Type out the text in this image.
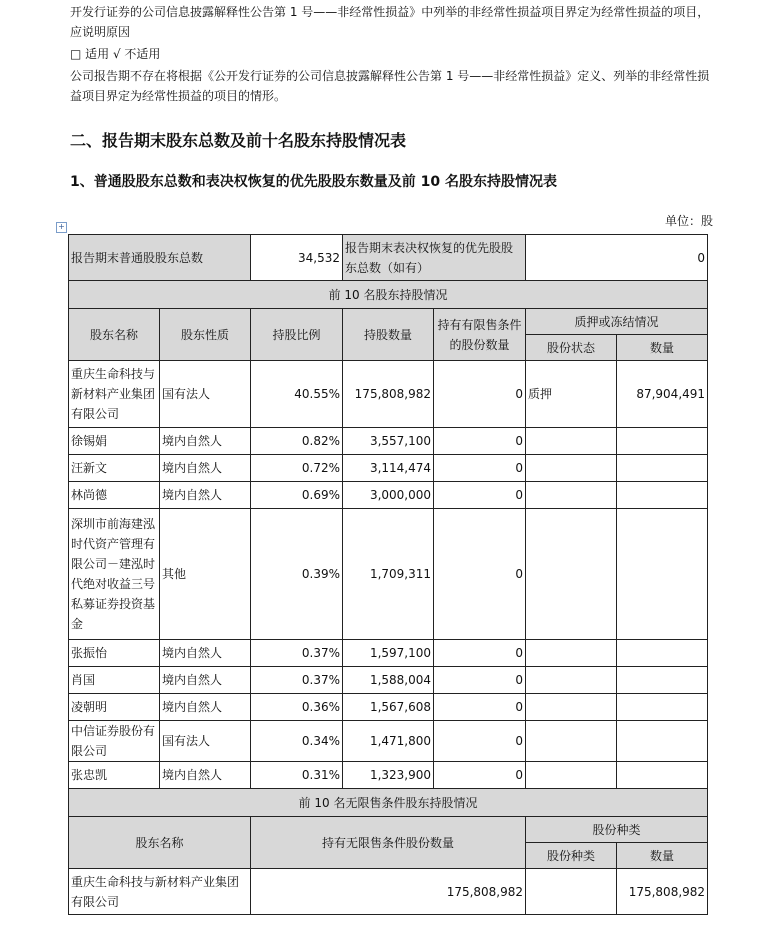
开发行证券的公司信息披露解释性公告第 1 号——非经常性损益》中列举的非经常性损益项目界定为经常性损益的项目，应说明原因
□ 适用 √ 不适用
公司报告期不存在将根据《公开发行证券的公司信息披露解释性公告第 1 号——非经常性损益》定义、列举的非经常性损益项目界定为经常性损益的项目的情形。
二、报告期末股东总数及前十名股东持股情况表
1、普通股股东总数和表决权恢复的优先股股东数量及前 10 名股东持股情况表
单位：股
+
报告期末普通股股东总数		34,532	报告期末表决权恢复的优先股股东总数（如有）		0	
前 10 名股东持股情况						
股东名称	股东性质	持股比例	持股数量	持有有限售条件的股份数量	质押或冻结情况	
					股份状态	数量
重庆生命科技与新材料产业集团有限公司	国有法人	40.55%	175,808,982	0	质押	87,904,491
徐锡娟	境内自然人	0.82%	3,557,100	0		
汪新文	境内自然人	0.72%	3,114,474	0		
林尚德	境内自然人	0.69%	3,000,000	0		
深圳市前海建泓时代资产管理有限公司－建泓时代绝对收益三号私募证券投资基金	其他	0.39%	1,709,311	0		
张振怡	境内自然人	0.37%	1,597,100	0		
肖国	境内自然人	0.37%	1,588,004	0		
凌朝明	境内自然人	0.36%	1,567,608	0		
中信证券股份有限公司	国有法人	0.34%	1,471,800	0		
张忠凯	境内自然人	0.31%	1,323,900	0		
前 10 名无限售条件股东持股情况						
股东名称		持有无限售条件股份数量			股份种类	
					股份种类	数量
重庆生命科技与新材料产业集团有限公司		175,808,982				175,808,982
